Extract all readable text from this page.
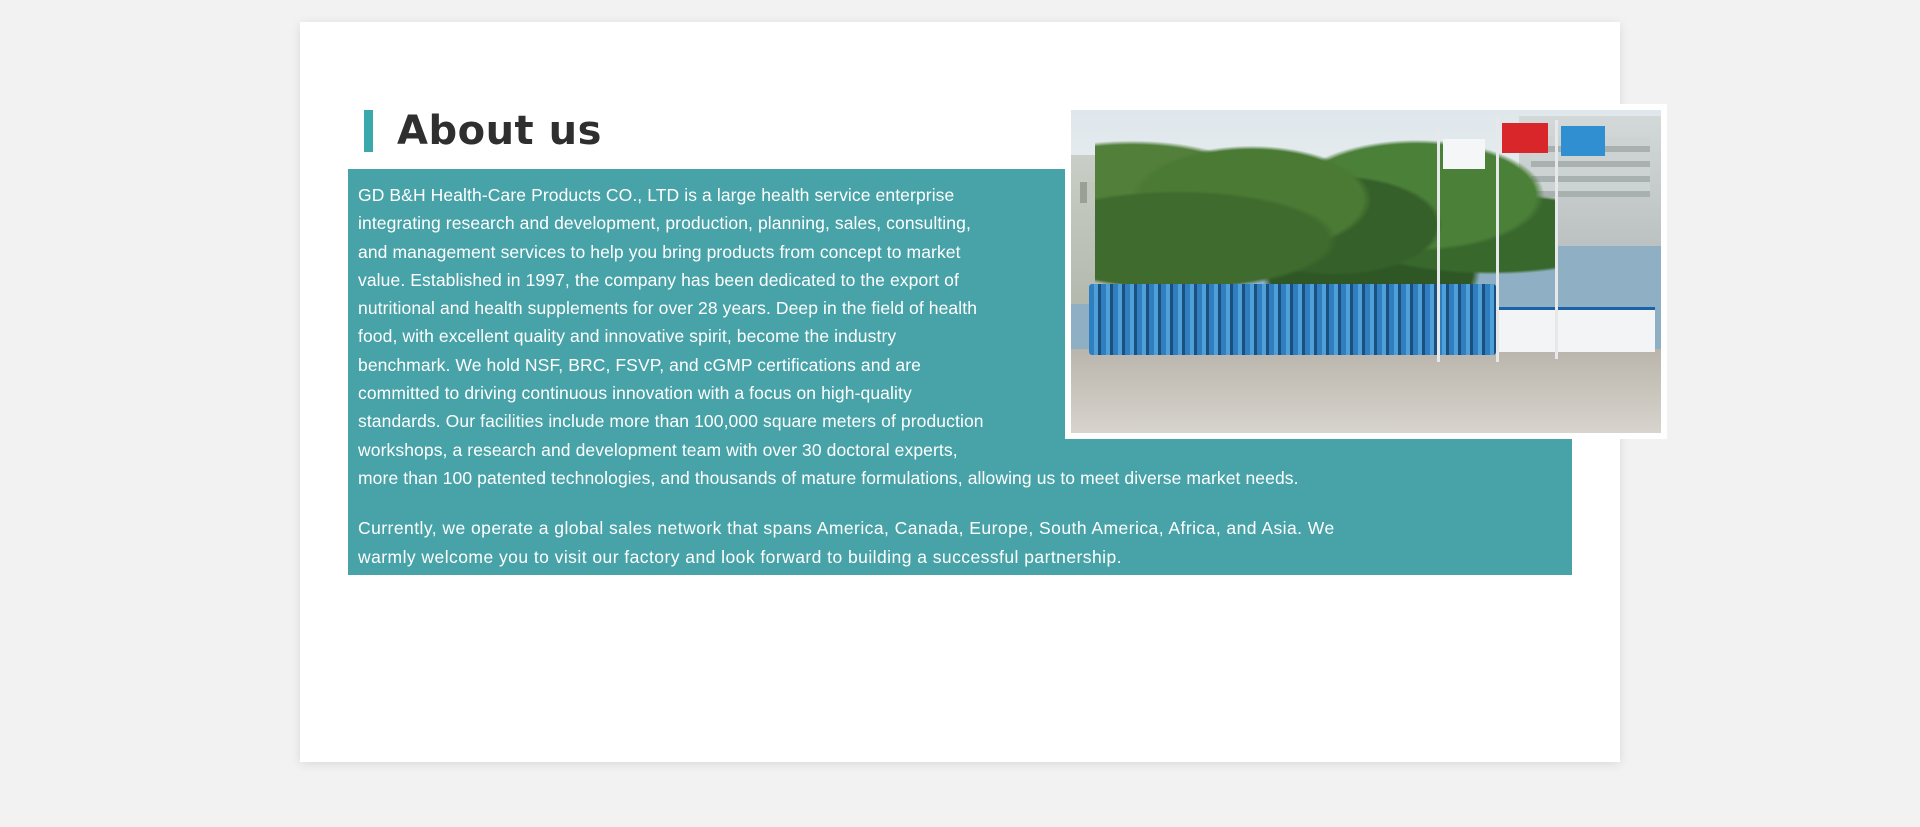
About us

GD B&H Health-Care Products CO., LTD is a large health service enterprise integrating research and development, production, planning, sales, consulting, and management services to help you bring products from concept to market value. Established in 1997, the company has been dedicated to the export of nutritional and health supplements for over 28 years. Deep in the field of health food, with excellent quality and innovative spirit, become the industry benchmark. We hold NSF, BRC, FSVP, and cGMP certifications and are committed to driving continuous innovation with a focus on high-quality standards. Our facilities include more than 100,000 square meters of production workshops, a research and development team with over 30 doctoral experts, more than 100 patented technologies, and thousands of mature formulations, allowing us to meet diverse market needs.

Currently, we operate a global sales network that spans America, Canada, Europe, South America, Africa, and Asia. We warmly welcome you to visit our factory and look forward to building a successful partnership.
